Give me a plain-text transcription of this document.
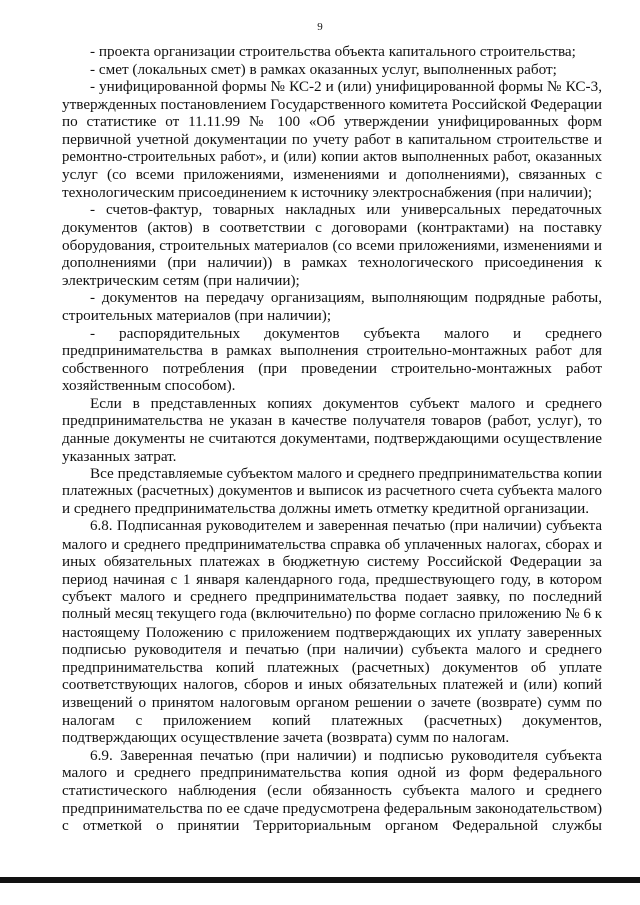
9
- проекта организации строительства объекта капитального строительства;
- смет (локальных смет) в рамках оказанных услуг, выполненных работ;
- унифицированной формы № КС-2 и (или) унифицированной формы № КС-3,
утвержденных постановлением Государственного комитета Российской Федерации
по статистике от 11.11.99 № 100 «Об утверждении унифицированных форм
первичной учетной документации по учету работ в капитальном строительстве и
ремонтно-строительных работ», и (или) копии актов выполненных работ, оказанных
услуг (со всеми приложениями, изменениями и дополнениями), связанных с
технологическим присоединением к источнику электроснабжения (при наличии);
- счетов-фактур, товарных накладных или универсальных передаточных
документов (актов) в соответствии с договорами (контрактами) на поставку
оборудования, строительных материалов (со всеми приложениями, изменениями и
дополнениями (при наличии)) в рамках технологического присоединения к
электрическим сетям (при наличии);
- документов на передачу организациям, выполняющим подрядные работы,
строительных материалов (при наличии);
- распорядительных документов субъекта малого и среднего
предпринимательства в рамках выполнения строительно-монтажных работ для
собственного потребления (при проведении строительно-монтажных работ
хозяйственным способом).
Если в представленных копиях документов субъект малого и среднего
предпринимательства не указан в качестве получателя товаров (работ, услуг), то
данные документы не считаются документами, подтверждающими осуществление
указанных затрат.
Все представляемые субъектом малого и среднего предпринимательства копии
платежных (расчетных) документов и выписок из расчетного счета субъекта малого
и среднего предпринимательства должны иметь отметку кредитной организации.
6.8. Подписанная руководителем и заверенная печатью (при наличии) субъекта
малого и среднего предпринимательства справка об уплаченных налогах, сборах и
иных обязательных платежах в бюджетную систему Российской Федерации за
период начиная с 1 января календарного года, предшествующего году, в котором
субъект малого и среднего предпринимательства подает заявку, по последний
полный месяц текущего года (включительно) по форме согласно приложению № 6 к
настоящему Положению с приложением подтверждающих их уплату заверенных
подписью руководителя и печатью (при наличии) субъекта малого и среднего
предпринимательства копий платежных (расчетных) документов об уплате
соответствующих налогов, сборов и иных обязательных платежей и (или) копий
извещений о принятом налоговым органом решении о зачете (возврате) сумм по
налогам с приложением копий платежных (расчетных) документов,
подтверждающих осуществление зачета (возврата) сумм по налогам.
6.9. Заверенная печатью (при наличии) и подписью руководителя субъекта
малого и среднего предпринимательства копия одной из форм федерального
статистического наблюдения (если обязанность субъекта малого и среднего
предпринимательства по ее сдаче предусмотрена федеральным законодательством)
с отметкой о принятии Территориальным органом Федеральной службы
